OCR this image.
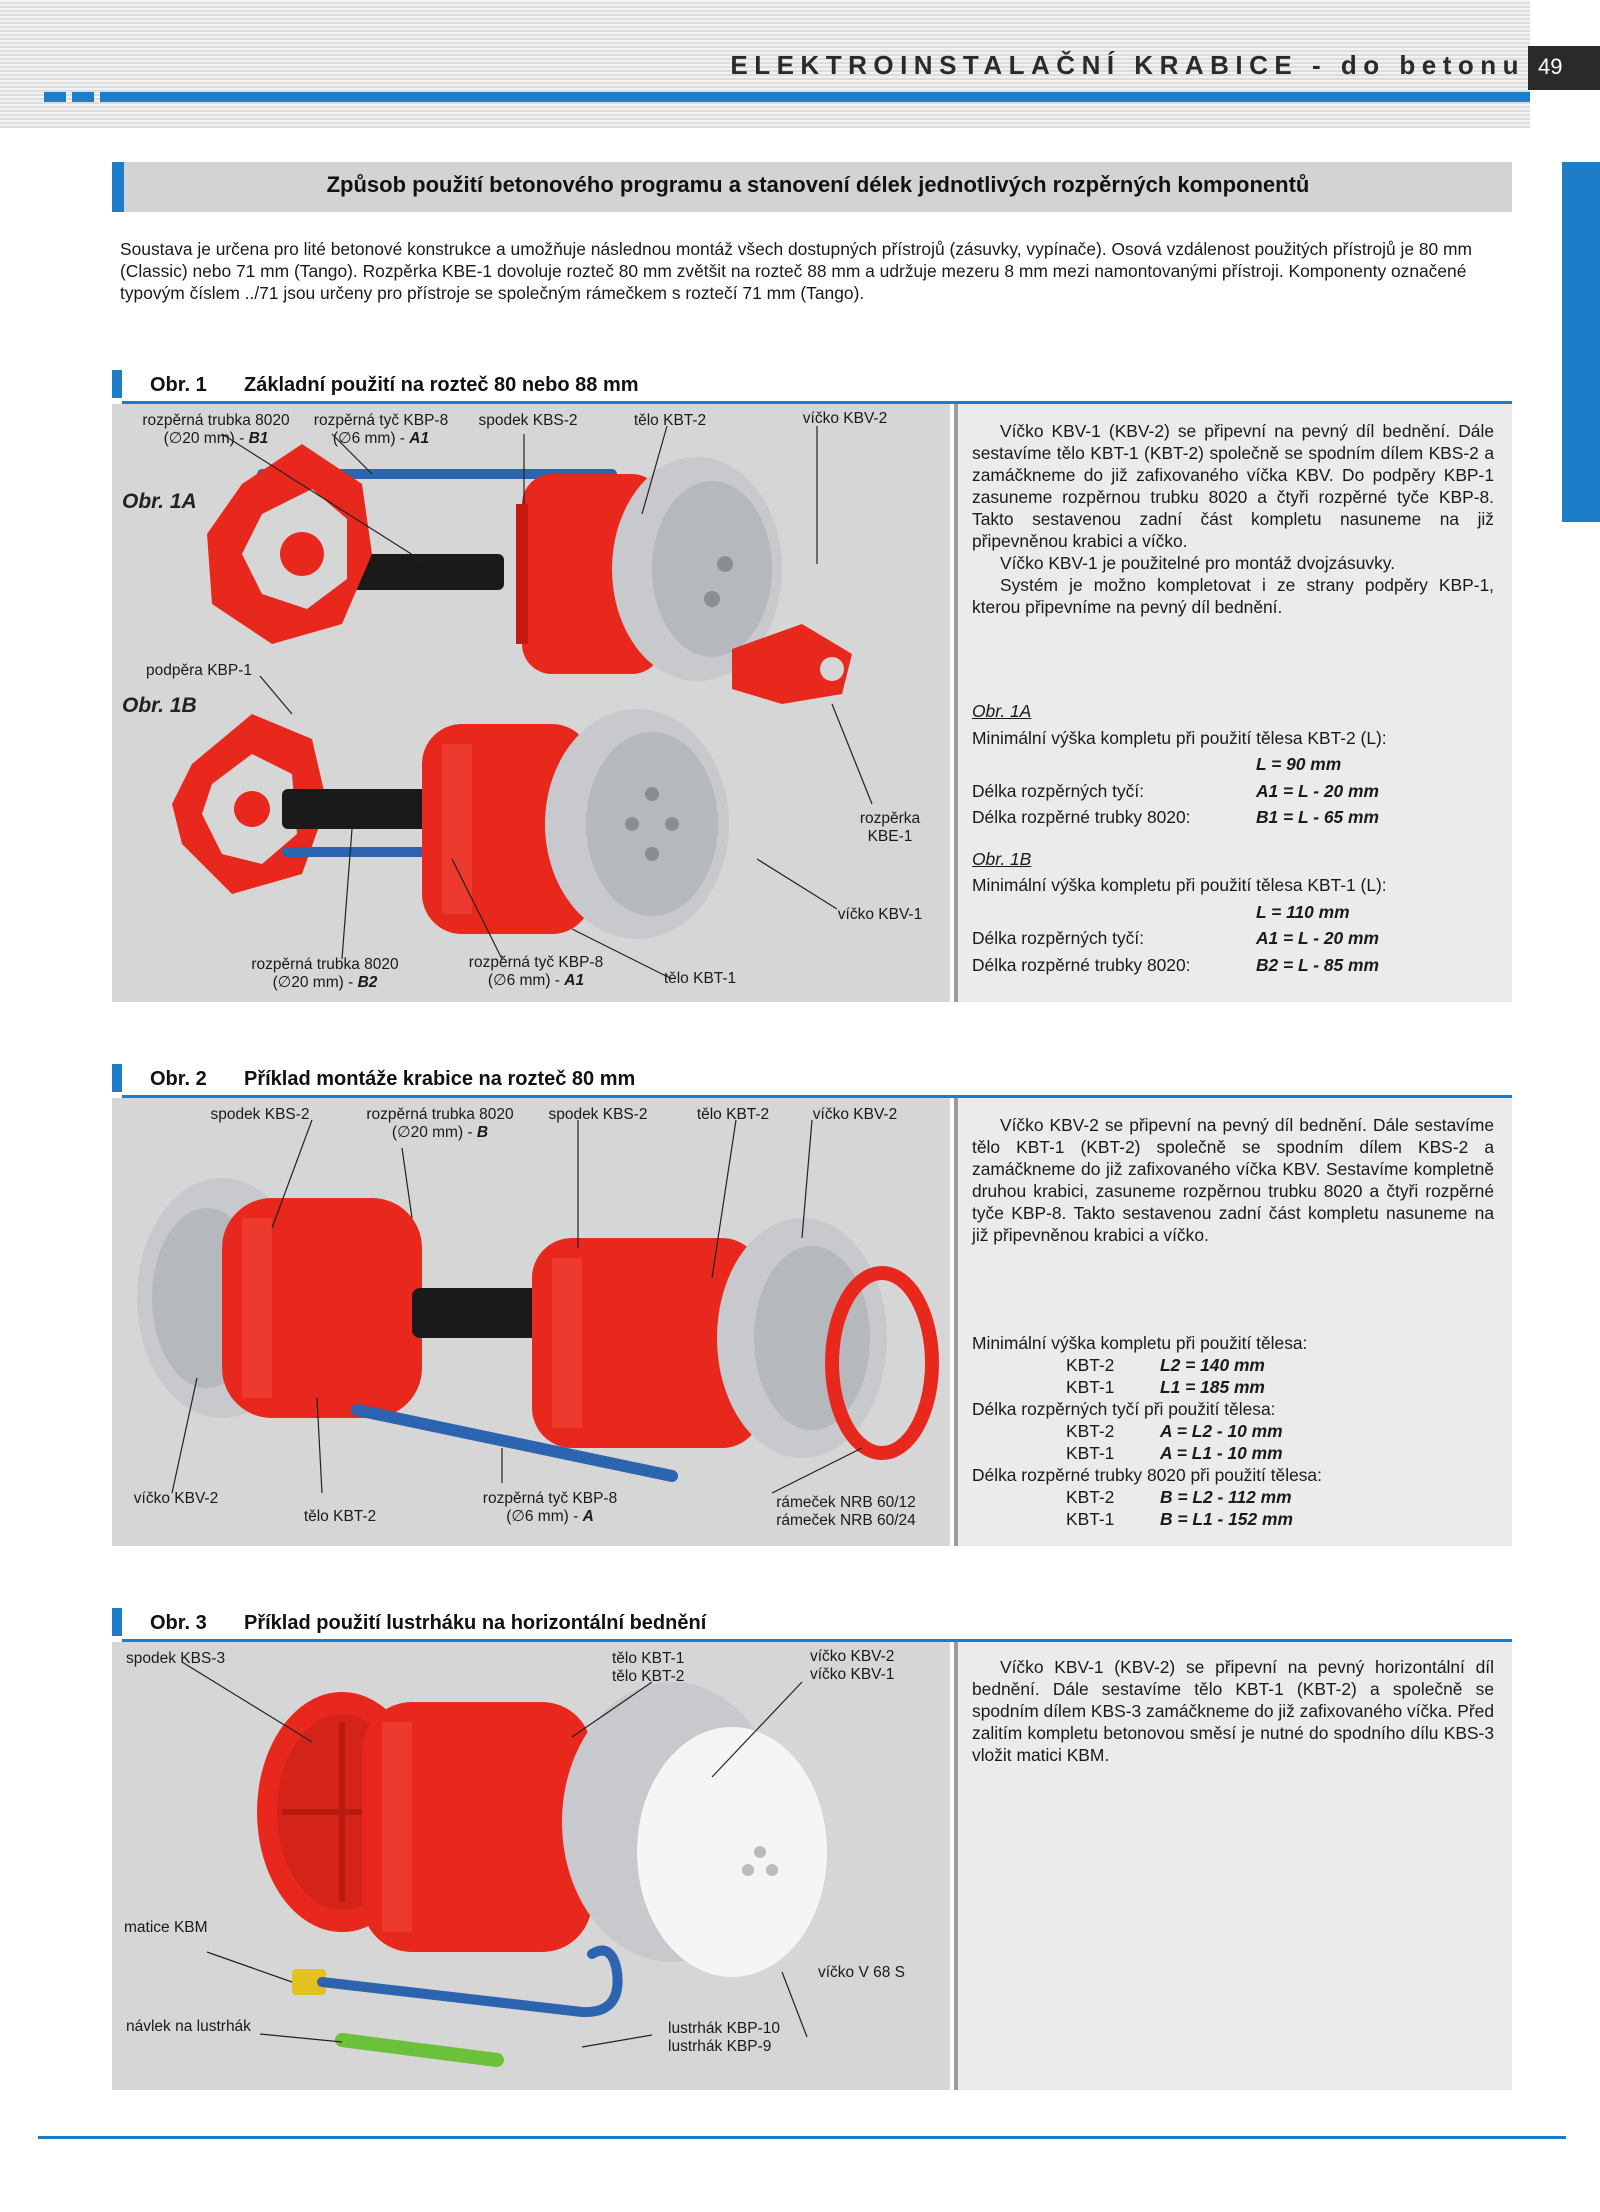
ELEKTROINSTALAČNÍ KRABICE - do betonu 49
Způsob použití betonového programu a stanovení délek jednotlivých rozpěrných komponentů
Soustava je určena pro lité betonové konstrukce a umožňuje následnou montáž všech dostupných přístrojů (zásuvky, vypínače). Osová vzdálenost použitých přístrojů je 80 mm (Classic) nebo 71 mm (Tango). Rozpěrka KBE-1 dovoluje rozteč 80 mm zvětšit na rozteč 88 mm a udržuje mezeru 8 mm mezi namontovanými přístroji. Komponenty označené typovým číslem ../71 jsou určeny pro přístroje se společným rámečkem s roztečí 71 mm (Tango).
Obr. 1 Základní použití na rozteč 80 nebo 88 mm
rozpěrná trubka 8020
(∅20 mm) - B1
rozpěrná tyč KBP-8
(∅6 mm) - A1
spodek KBS-2	tělo KBT-2	víčko KBV-2
Obr. 1A
podpěra KBP-1
Obr. 1B
rozpěrka
KBE-1
víčko KBV-1
rozpěrná trubka 8020
(∅20 mm) - B2
rozpěrná tyč KBP-8
(∅6 mm) - A1	tělo KBT-1

Víčko KBV-1 (KBV-2) se připevní na pevný díl bednění. Dále sestavíme tělo KBT-1 (KBT-2) společně se spodním dílem KBS-2 a zamáčkneme do již zafixovaného víčka KBV. Do podpěry KBP-1 zasuneme rozpěrnou trubku 8020 a čtyři rozpěrné tyče KBP-8. Takto sestavenou zadní část kompletu nasuneme na již připevněnou krabici a víčko.

Víčko KBV-1 je použitelné pro montáž dvojzásuvky.

Systém je možno kompletovat i ze strany podpěry KBP-1, kterou připevníme na pevný díl bednění.

Obr. 1A
Minimální výška kompletu při použití tělesa KBT-2 (L):
L = 90 mm
Délka rozpěrných tyčí:	A1 = L - 20 mm
Délka rozpěrné trubky 8020:	B1 = L - 65 mm
Obr. 1B
Minimální výška kompletu při použití tělesa KBT-1 (L):
L = 110 mm
Délka rozpěrných tyčí:	A1 = L - 20 mm
Délka rozpěrné trubky 8020:	B2 = L - 85 mm
Obr. 2 Příklad montáže krabice na rozteč 80 mm
spodek KBS-2	rozpěrná trubka 8020
(∅20 mm) - B
spodek KBS-2	tělo KBT-2	víčko KBV-2
víčko KBV-2
tělo KBT-2
rozpěrná tyč KBP-8
(∅6 mm) - A
rámeček NRB 60/12
rámeček NRB 60/24

Víčko KBV-2 se připevní na pevný díl bednění. Dále sestavíme tělo KBT-1 (KBT-2) společně se spodním dílem KBS-2 a zamáčkneme do již zafixovaného víčka KBV. Sestavíme kompletně druhou krabici, zasuneme rozpěrnou trubku 8020 a čtyři rozpěrné tyče KBP-8. Takto sestavenou zadní část kompletu nasuneme na již připevněnou krabici a víčko.

Minimální výška kompletu při použití tělesa:
KBT-2	L2 = 140 mm
KBT-1	L1 = 185 mm
Délka rozpěrných tyčí při použití tělesa:
KBT-2	A = L2 - 10 mm
KBT-1	A = L1 - 10 mm
Délka rozpěrné trubky 8020 při použití tělesa:
KBT-2	B = L2 - 112 mm
KBT-1	B = L1 - 152 mm
Obr. 3 Příklad použití lustrháku na horizontální bednění
spodek KBS-3	tělo KBT-1
tělo KBT-2
víčko KBV-2
víčko KBV-1
matice KBM
víčko V 68 S
návlek na lustrhák	lustrhák KBP-10
lustrhák KBP-9

Víčko KBV-1 (KBV-2) se připevní na pevný horizontální díl bednění. Dále sestavíme tělo KBT-1 (KBT-2) a společně se spodním dílem KBS-3 zamáčkneme do již zafixovaného víčka. Před zalitím kompletu betonovou směsí je nutné do spodního dílu KBS-3 vložit matici KBM.
